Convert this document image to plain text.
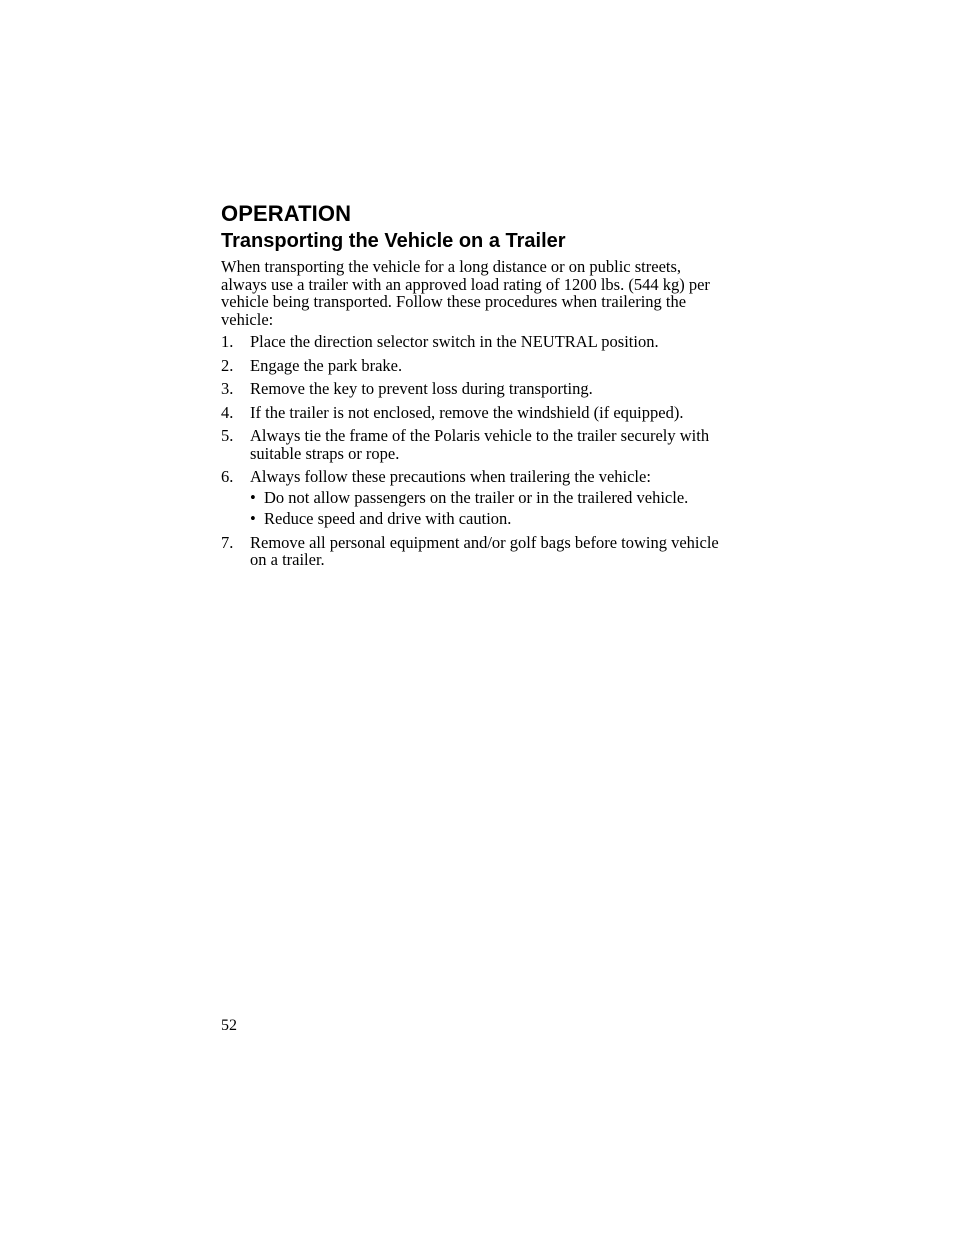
OPERATION
Transporting the Vehicle on a Trailer

When transporting the vehicle for a long distance or on public streets, always use a trailer with an approved load rating of 1200 lbs. (544 kg) per vehicle being transported. Follow these procedures when trailering the vehicle:

1. Place the direction selector switch in the NEUTRAL position.
2. Engage the park brake.
3. Remove the key to prevent loss during transporting.
4. If the trailer is not enclosed, remove the windshield (if equipped).
5. Always tie the frame of the Polaris vehicle to the trailer securely with suitable straps or rope.
6. Always follow these precautions when trailering the vehicle:
• Do not allow passengers on the trailer or in the trailered vehicle.
• Reduce speed and drive with caution.
7. Remove all personal equipment and/or golf bags before towing vehicle on a trailer.
52
